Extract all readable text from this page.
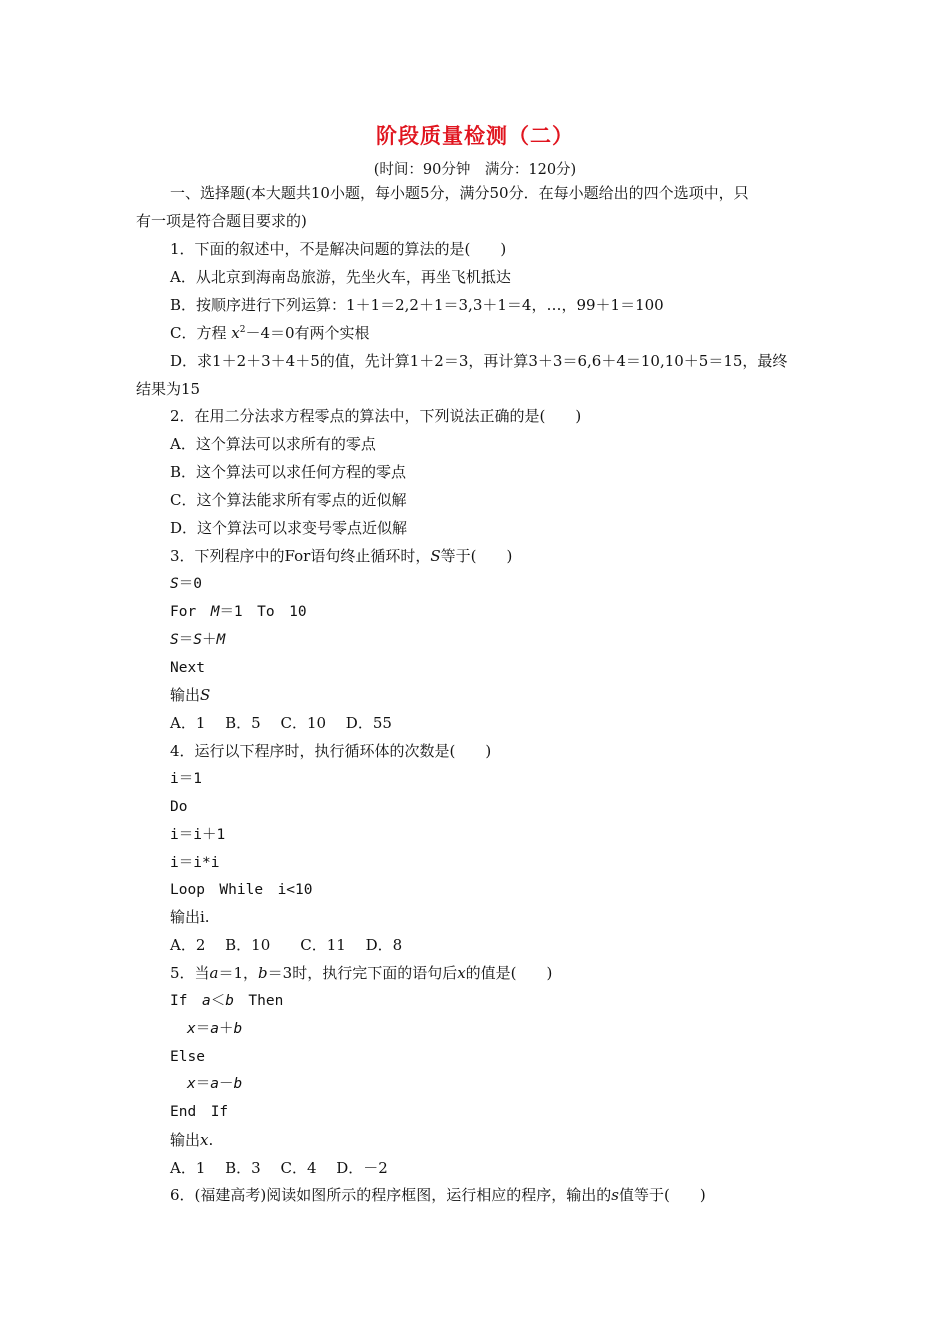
阶段质量检测（二）
(时间：90分钟　满分：120分)
一、选择题(本大题共10小题，每小题5分，满分50分．在每小题给出的四个选项中，只
有一项是符合题目要求的)
1．下面的叙述中，不是解决问题的算法的是(　　)
A．从北京到海南岛旅游，先坐火车，再坐飞机抵达
B．按顺序进行下列运算：1＋1＝2,2＋1＝3,3＋1＝4，…，99＋1＝100
C．方程 $x^2-4=0$有两个实根
D．求1＋2＋3＋4＋5的值，先计算1＋2＝3，再计算3＋3＝6,6＋4＝10,10＋5＝15，最终
结果为15
2．在用二分法求方程零点的算法中，下列说法正确的是(　　)
A．这个算法可以求所有的零点
B．这个算法可以求任何方程的零点
C．这个算法能求所有零点的近似解
D．这个算法可以求变号零点近似解
3．下列程序中的For语句终止循环时，S等于(　　)
S＝0
For　M＝1　To　10
S＝S＋M
Next
输出S
A．1　 B．5　 C．10　 D．55
4．运行以下程序时，执行循环体的次数是(　　)
i＝1
Do
i＝i＋1
i＝i*i
Loop　While　i<10
输出i.
A．2　 B．10　　C．11　 D．8
5．当a＝1，b＝3时，执行完下面的语句后x的值是(　　)
If　a＜b　Then
x＝a＋b
Else
x＝a－b
End　If
输出x.
A．1　 B．3　 C．4　 D．－2
6．(福建高考)阅读如图所示的程序框图，运行相应的程序，输出的s值等于(　　)
